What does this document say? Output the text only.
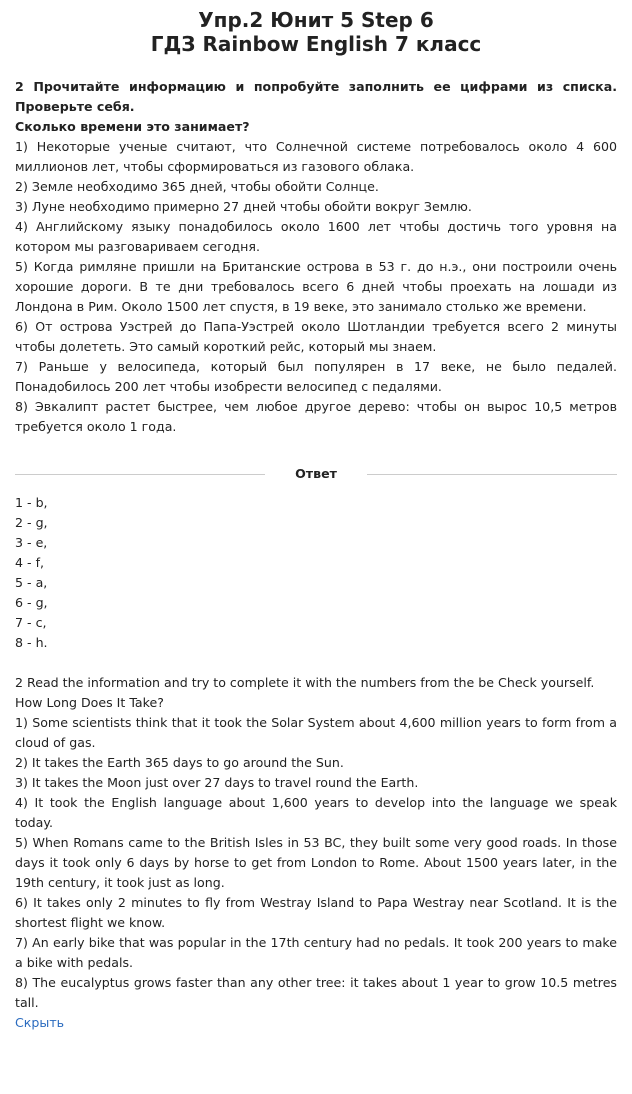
Упр.2 Юнит 5 Step 6
ГДЗ Rainbow English 7 класс

2 Прочитайте информацию и попробуйте заполнить ее цифрами из списка. Проверьте себя.

Сколько времени это занимает?

1) Некоторые ученые считают, что Солнечной системе потребовалось около 4 600 миллионов лет, чтобы сформироваться из газового облака.

2) Земле необходимо 365 дней, чтобы обойти Солнце.

3) Луне необходимо примерно 27 дней чтобы обойти вокруг Землю.

4) Английскому языку понадобилось около 1600 лет чтобы достичь того уровня на котором мы разговариваем сегодня.

5) Когда римляне пришли на Британские острова в 53 г. до н.э., они построили очень хорошие дороги. В те дни требовалось всего 6 дней чтобы проехать на лошади из Лондона в Рим. Около 1500 лет спустя, в 19 веке, это занимало столько же времени.

6) От острова Уэстрей до Папа-Уэстрей около Шотландии требуется всего 2 минуты чтобы долететь. Это самый короткий рейс, который мы знаем.

7) Раньше у велосипеда, который был популярен в 17 веке, не было педалей. Понадобилось 200 лет чтобы изобрести велосипед с педалями.

8) Эвкалипт растет быстрее, чем любое другое дерево: чтобы он вырос 10,5 метров требуется около 1 года.

Ответ

1 - b,

2 - g,

3 - e,

4 - f,

5 - a,

6 - g,

7 - c,

8 - h.

2 Read the information and try to complete it with the numbers from the be Check yourself.

How Long Does It Take?

1) Some scientists think that it took the Solar System about 4,600 million years to form from a cloud of gas.

2) It takes the Earth 365 days to go around the Sun.

3) It takes the Moon just over 27 days to travel round the Earth.

4) It took the English language about 1,600 years to develop into the language we speak today.

5) When Romans came to the British Isles in 53 BC, they built some very good roads. In those days it took only 6 days by horse to get from London to Rome. About 1500 years later, in the 19th century, it took just as long.

6) It takes only 2 minutes to fly from Westray Island to Papa Westray near Scotland. It is the shortest flight we know.

7) An early bike that was popular in the 17th century had no pedals. It took 200 years to make a bike with pedals.

8) The eucalyptus grows faster than any other tree: it takes about 1 year to grow 10.5 metres tall.

Скрыть
